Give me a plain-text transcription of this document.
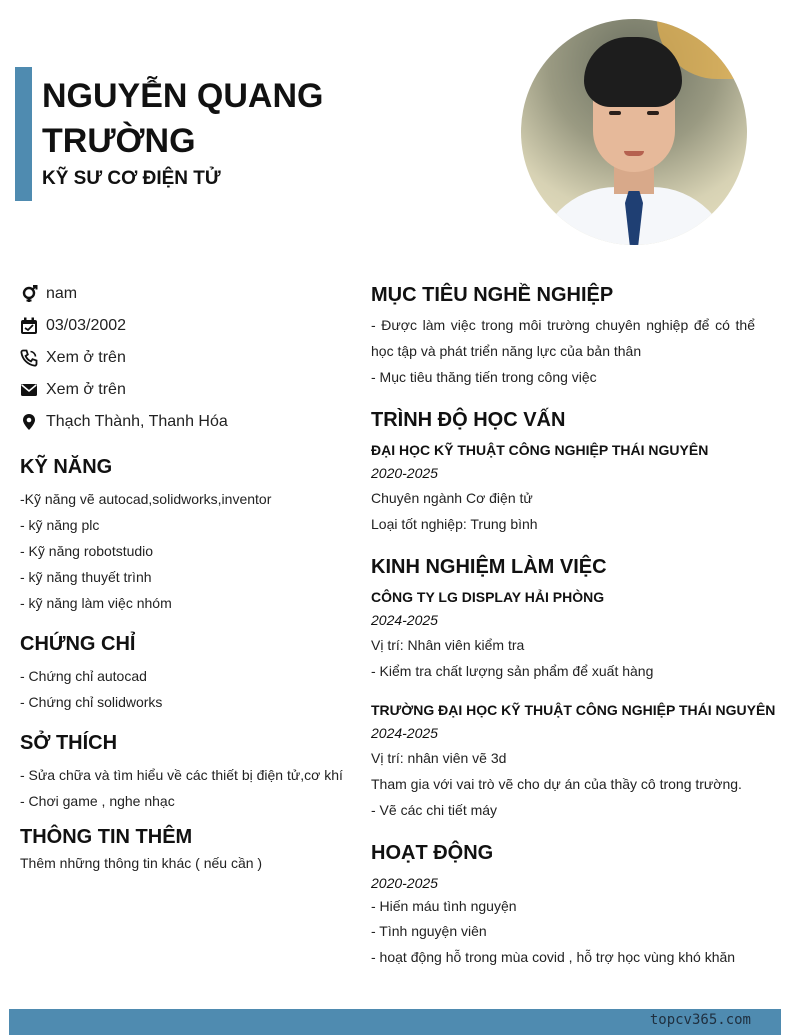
NGUYỄN QUANG
TRƯỜNG
KỸ SƯ CƠ ĐIỆN TỬ
nam
03/03/2002
Xem ở trên
Xem ở trên
Thạch Thành, Thanh Hóa
KỸ NĂNG
-Kỹ năng vẽ autocad,solidworks,inventor
- kỹ năng plc
- Kỹ năng robotstudio
- kỹ năng thuyết trình
- kỹ năng làm việc nhóm
CHỨNG CHỈ
- Chứng chỉ autocad
- Chứng chỉ solidworks
SỞ THÍCH
- Sửa chữa và tìm hiểu về các thiết bị điện tử,cơ khí
- Chơi game , nghe nhạc
THÔNG TIN THÊM
Thêm những thông tin khác ( nếu cần )
MỤC TIÊU NGHỀ NGHIỆP
- Được làm việc trong môi trường chuyên nghiệp để có thể học tập và phát triển năng lực của bản thân
- Mục tiêu thăng tiến trong công việc
TRÌNH ĐỘ HỌC VẤN
ĐẠI HỌC KỸ THUẬT CÔNG NGHIỆP THÁI NGUYÊN
2020-2025
Chuyên ngành Cơ điện tử
Loại tốt nghiệp: Trung bình
KINH NGHIỆM LÀM VIỆC
CÔNG TY LG DISPLAY HẢI PHÒNG
2024-2025
Vị trí: Nhân viên kiểm tra
- Kiểm tra chất lượng sản phẩm để xuất hàng
TRƯỜNG ĐẠI HỌC KỸ THUẬT CÔNG NGHIỆP THÁI NGUYÊN
2024-2025
Vị trí: nhân viên vẽ 3d
Tham gia với vai trò vẽ cho dự án của thầy cô trong trường.
- Vẽ các chi tiết máy
HOẠT ĐỘNG
2020-2025
- Hiến máu tình nguyện
- Tình nguyện viên
- hoạt động hỗ trong mùa covid , hỗ trợ học vùng khó khăn
topcv365.com
